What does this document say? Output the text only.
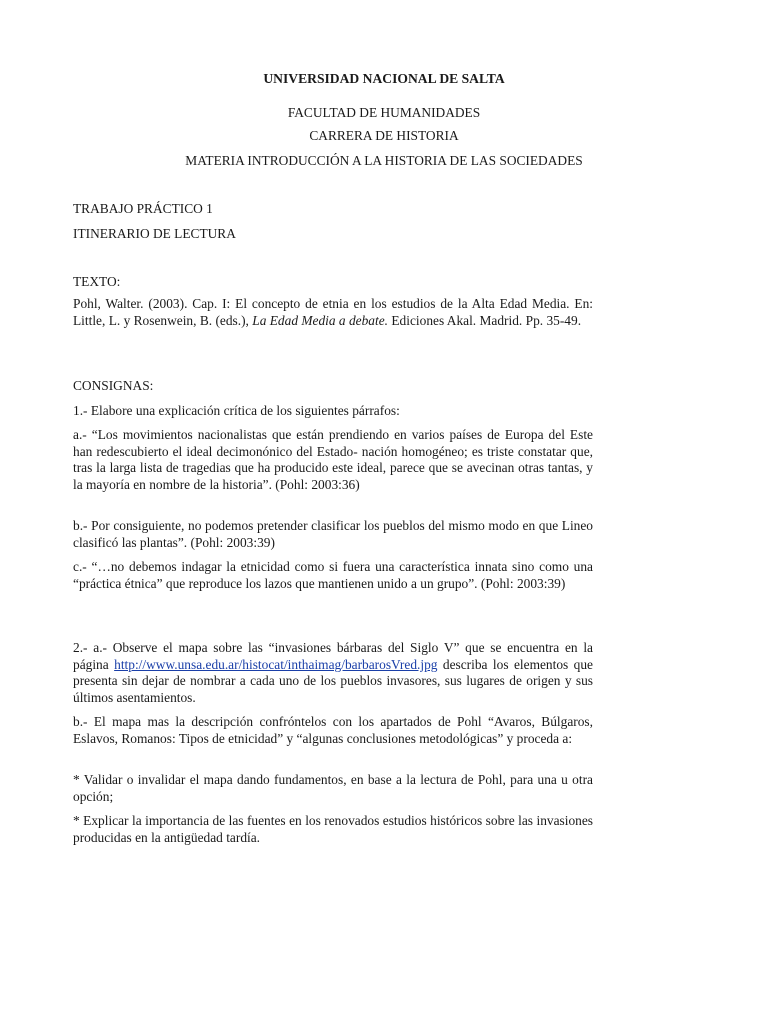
UNIVERSIDAD NACIONAL DE SALTA
FACULTAD DE HUMANIDADES
CARRERA DE HISTORIA
MATERIA INTRODUCCIÓN A LA HISTORIA DE LAS SOCIEDADES
TRABAJO PRÁCTICO 1
ITINERARIO DE LECTURA
TEXTO:
Pohl, Walter. (2003). Cap. I: El concepto de etnia en los estudios de la Alta Edad Media. En: Little, L. y Rosenwein, B. (eds.), La Edad Media a debate. Ediciones Akal. Madrid. Pp. 35-49.
CONSIGNAS:
1.- Elabore una explicación crítica de los siguientes párrafos:
a.- “Los movimientos nacionalistas que están prendiendo en varios países de Europa del Este han redescubierto el ideal decimonónico del Estado- nación homogéneo; es triste constatar que, tras la larga lista de tragedias que ha producido este ideal, parece que se avecinan otras tantas, y la mayoría en nombre de la historia”. (Pohl: 2003:36)
b.- Por consiguiente, no podemos pretender clasificar los pueblos del mismo modo en que Lineo clasificó las plantas”. (Pohl: 2003:39)
c.- “…no debemos indagar la etnicidad como si fuera una característica innata sino como una “práctica étnica” que reproduce los lazos que mantienen unido a un grupo”. (Pohl: 2003:39)
2.- a.- Observe el mapa sobre las “invasiones bárbaras del Siglo V” que se encuentra en la página http://www.unsa.edu.ar/histocat/inthaimag/barbarosVred.jpg describa los elementos que presenta sin dejar de nombrar a cada uno de los pueblos invasores, sus lugares de origen y sus últimos asentamientos.
b.- El mapa mas la descripción confróntelos con los apartados de Pohl “Avaros, Búlgaros, Eslavos, Romanos: Tipos de etnicidad” y “algunas conclusiones metodológicas” y proceda a:
* Validar o invalidar el mapa dando fundamentos, en base a la lectura de Pohl, para una u otra opción;
* Explicar la importancia de las fuentes en los renovados estudios históricos sobre las invasiones producidas en la antigüedad tardía.
